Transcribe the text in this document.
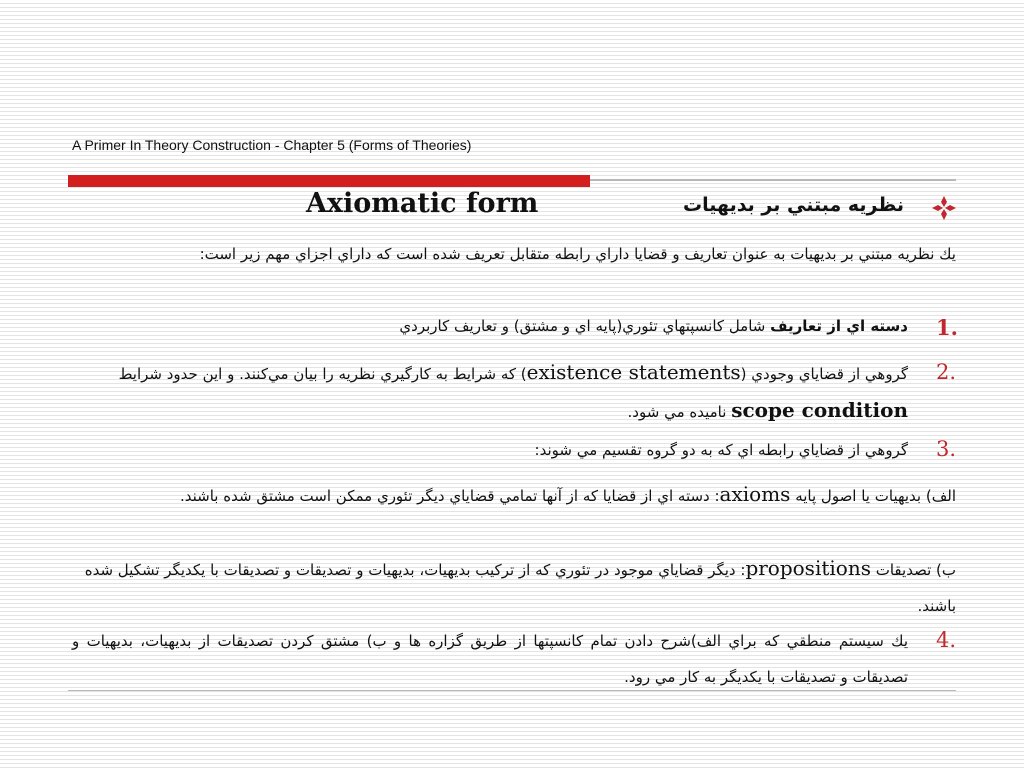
A Primer In Theory Construction - Chapter 5 (Forms of Theories)
نظريه مبتني بر بديهيات
Axiomatic form
يك نظريه مبتني بر بديهيات به عنوان تعاريف و قضايا داراي رابطه متقابل تعريف شده است كه داراي اجزاي مهم زير است:
1.
دسته اي از تعاريف شامل كانسپتهاي تئوري(پايه اي و مشتق) و تعاريف كاربردي
2.
گروهي از قضاياي وجودي (existence statements) كه شرايط به كارگيري نظريه را بيان مي‌كنند. و اين حدود شرايط scope condition ناميده مي شود.
3.
گروهي از قضاياي رابطه اي كه به دو گروه تقسيم مي شوند:
الف) بديهيات يا اصول پايه axioms: دسته اي از قضايا كه از آنها تمامي قضاياي ديگر تئوري ممكن است مشتق شده باشند.
ب) تصديقات propositions: ديگر قضاياي موجود در تئوري كه از تركيب بديهيات، بديهيات و تصديقات و تصديقات با يكديگر تشكيل شده باشند.
4.
يك سيستم منطقي كه براي الف)شرح دادن تمام كانسپتها از طريق گزاره ها و ب) مشتق كردن تصديقات از بديهيات، بديهيات و تصديقات و تصديقات با يكديگر به كار مي رود.
